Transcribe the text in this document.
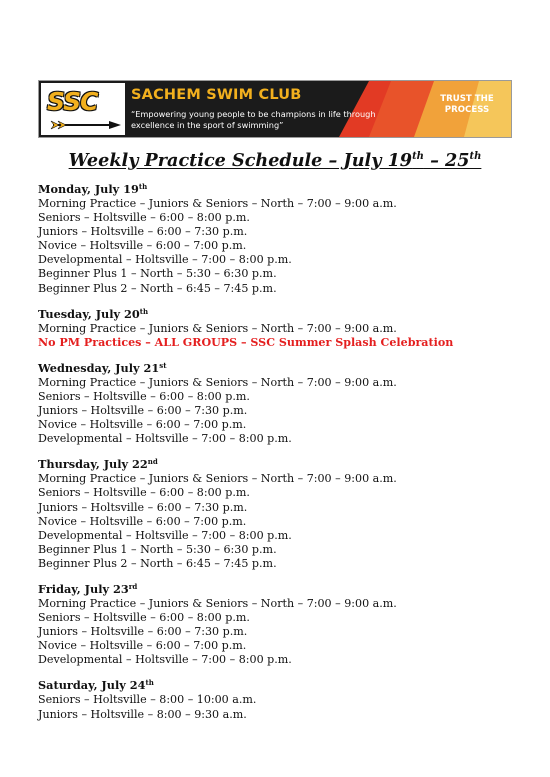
SSC SACHEM SWIM CLUB
“Empowering young people to be champions in life through
excellence in the sport of swimming”
TRUST THE
PROCESS
Weekly Practice Schedule – July 19th – 25th
Monday, July 19th
Morning Practice – Juniors & Seniors – North – 7:00 – 9:00 a.m.
Seniors – Holtsville – 6:00 – 8:00 p.m.
Juniors – Holtsville – 6:00 – 7:30 p.m.
Novice – Holtsville – 6:00 – 7:00 p.m.
Developmental – Holtsville – 7:00 – 8:00 p.m.
Beginner Plus 1 – North – 5:30 – 6:30 p.m.
Beginner Plus 2 – North – 6:45 – 7:45 p.m.
Tuesday, July 20th
Morning Practice – Juniors & Seniors – North – 7:00 – 9:00 a.m.
No PM Practices – ALL GROUPS – SSC Summer Splash Celebration
Wednesday, July 21st
Morning Practice – Juniors & Seniors – North – 7:00 – 9:00 a.m.
Seniors – Holtsville – 6:00 – 8:00 p.m.
Juniors – Holtsville – 6:00 – 7:30 p.m.
Novice – Holtsville – 6:00 – 7:00 p.m.
Developmental – Holtsville – 7:00 – 8:00 p.m.
Thursday, July 22nd
Morning Practice – Juniors & Seniors – North – 7:00 – 9:00 a.m.
Seniors – Holtsville – 6:00 – 8:00 p.m.
Juniors – Holtsville – 6:00 – 7:30 p.m.
Novice – Holtsville – 6:00 – 7:00 p.m.
Developmental – Holtsville – 7:00 – 8:00 p.m.
Beginner Plus 1 – North – 5:30 – 6:30 p.m.
Beginner Plus 2 – North – 6:45 – 7:45 p.m.
Friday, July 23rd
Morning Practice – Juniors & Seniors – North – 7:00 – 9:00 a.m.
Seniors – Holtsville – 6:00 – 8:00 p.m.
Juniors – Holtsville – 6:00 – 7:30 p.m.
Novice – Holtsville – 6:00 – 7:00 p.m.
Developmental – Holtsville – 7:00 – 8:00 p.m.
Saturday, July 24th
Seniors – Holtsville – 8:00 – 10:00 a.m.
Juniors – Holtsville – 8:00 – 9:30 a.m.
